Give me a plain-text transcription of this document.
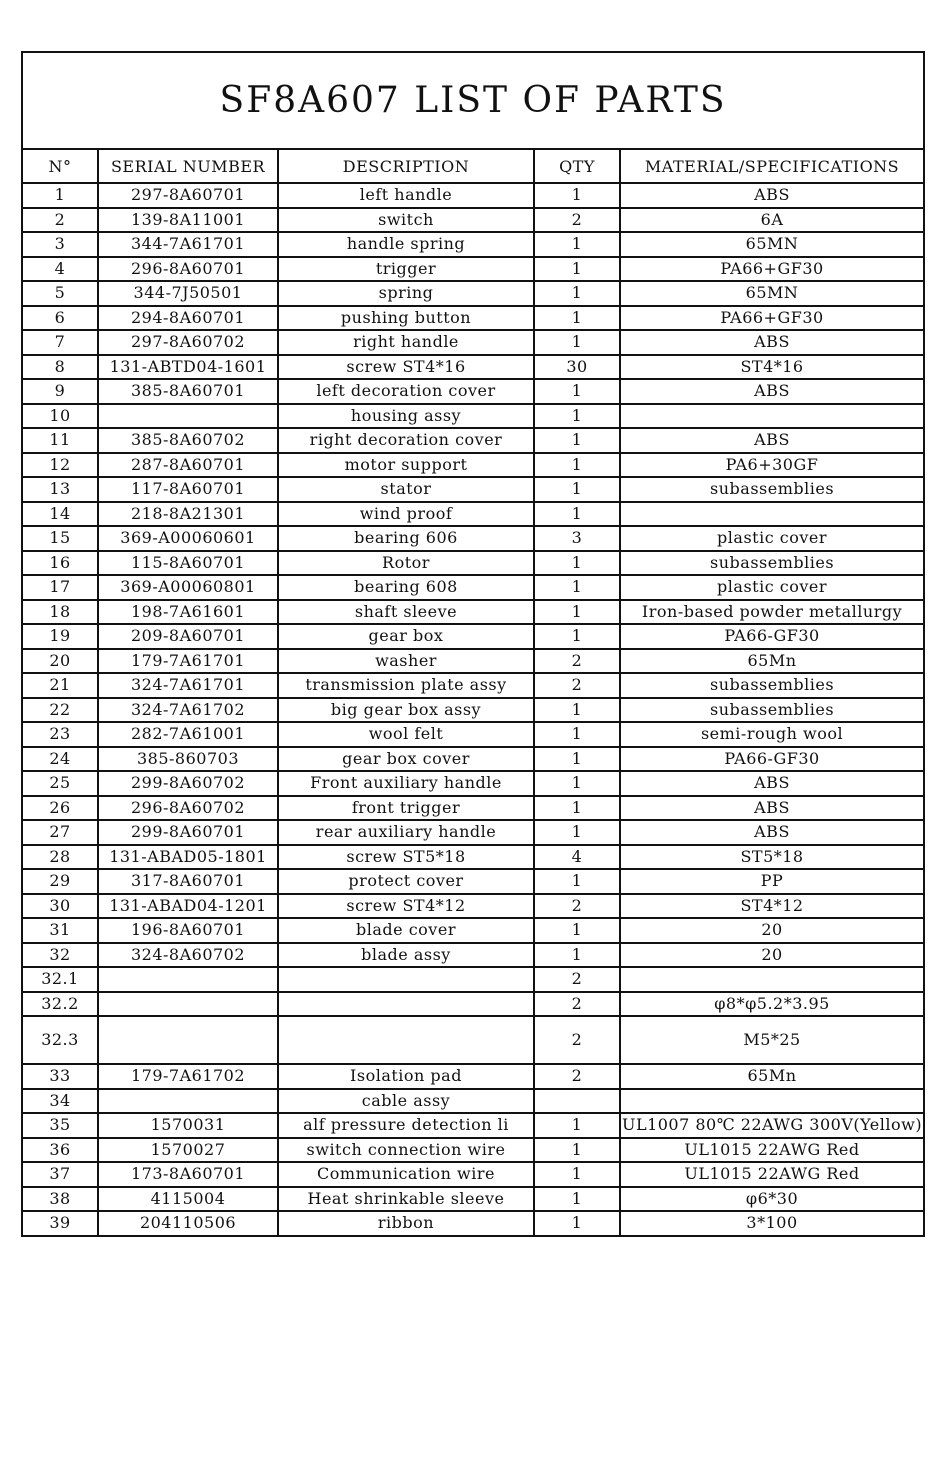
SF8A607 LIST OF PARTS				
N°	SERIAL NUMBER	DESCRIPTION	QTY	MATERIAL/SPECIFICATIONS
1	297-8A60701	left handle	1	ABS
2	139-8A11001	switch	2	6A
3	344-7A61701	handle spring	1	65MN
4	296-8A60701	trigger	1	PA66+GF30
5	344-7J50501	spring	1	65MN
6	294-8A60701	pushing button	1	PA66+GF30
7	297-8A60702	right handle	1	ABS
8	131-ABTD04-1601	screw ST4*16	30	ST4*16
9	385-8A60701	left decoration cover	1	ABS
10		housing assy	1	
11	385-8A60702	right decoration cover	1	ABS
12	287-8A60701	motor support	1	PA6+30GF
13	117-8A60701	stator	1	subassemblies
14	218-8A21301	wind proof	1	
15	369-A00060601	bearing 606	3	plastic cover
16	115-8A60701	Rotor	1	subassemblies
17	369-A00060801	bearing 608	1	plastic cover
18	198-7A61601	shaft sleeve	1	Iron-based powder metallurgy
19	209-8A60701	gear box	1	PA66-GF30
20	179-7A61701	washer	2	65Mn
21	324-7A61701	transmission plate assy	2	subassemblies
22	324-7A61702	big gear box assy	1	subassemblies
23	282-7A61001	wool felt	1	semi-rough wool
24	385-860703	gear box cover	1	PA66-GF30
25	299-8A60702	Front auxiliary handle	1	ABS
26	296-8A60702	front trigger	1	ABS
27	299-8A60701	rear auxiliary handle	1	ABS
28	131-ABAD05-1801	screw ST5*18	4	ST5*18
29	317-8A60701	protect cover	1	PP
30	131-ABAD04-1201	screw ST4*12	2	ST4*12
31	196-8A60701	blade cover	1	20
32	324-8A60702	blade assy	1	20
32.1			2	
32.2			2	φ8*φ5.2*3.95
32.3			2	M5*25
33	179-7A61702	Isolation pad	2	65Mn
34		cable assy		
35	1570031	alf pressure detection li	1	UL1007 80℃ 22AWG 300V(Yellow)
36	1570027	switch connection wire	1	UL1015 22AWG Red
37	173-8A60701	Communication wire	1	UL1015 22AWG Red
38	4115004	Heat shrinkable sleeve	1	φ6*30
39	204110506	ribbon	1	3*100
